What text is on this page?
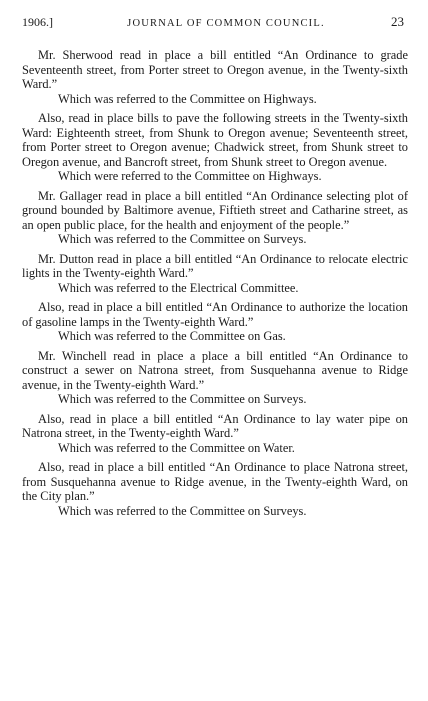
1906.]	JOURNAL OF COMMON COUNCIL.	23

Mr. Sherwood read in place a bill entitled “An Ordinance to grade Seventeenth street, from Porter street to Oregon avenue, in the Twenty-sixth Ward.”

Which was referred to the Committee on Highways.

Also, read in place bills to pave the following streets in the Twenty-sixth Ward: Eighteenth street, from Shunk to Oregon avenue; Seventeenth street, from Porter street to Oregon avenue; Chadwick street, from Shunk street to Oregon avenue, and Bancroft street, from Shunk street to Oregon avenue.

Which were referred to the Committee on Highways.

Mr. Gallager read in place a bill entitled “An Ordinance selecting plot of ground bounded by Baltimore avenue, Fiftieth street and Catharine street, as an open public place, for the health and enjoyment of the people.”

Which was referred to the Committee on Surveys.

Mr. Dutton read in place a bill entitled “An Ordinance to relocate electric lights in the Twenty-eighth Ward.”

Which was referred to the Electrical Committee.

Also, read in place a bill entitled “An Ordinance to authorize the location of gasoline lamps in the Twenty-eighth Ward.”

Which was referred to the Committee on Gas.

Mr. Winchell read in place a place a bill entitled “An Ordinance to construct a sewer on Natrona street, from Susquehanna avenue to Ridge avenue, in the Twenty-eighth Ward.”

Which was referred to the Committee on Surveys.

Also, read in place a bill entitled “An Ordinance to lay water pipe on Natrona street, in the Twenty-eighth Ward.”

Which was referred to the Committee on Water.

Also, read in place a bill entitled “An Ordinance to place Natrona street, from Susquehanna avenue to Ridge avenue, in the Twenty-eighth Ward, on the City plan.”

Which was referred to the Committee on Surveys.
